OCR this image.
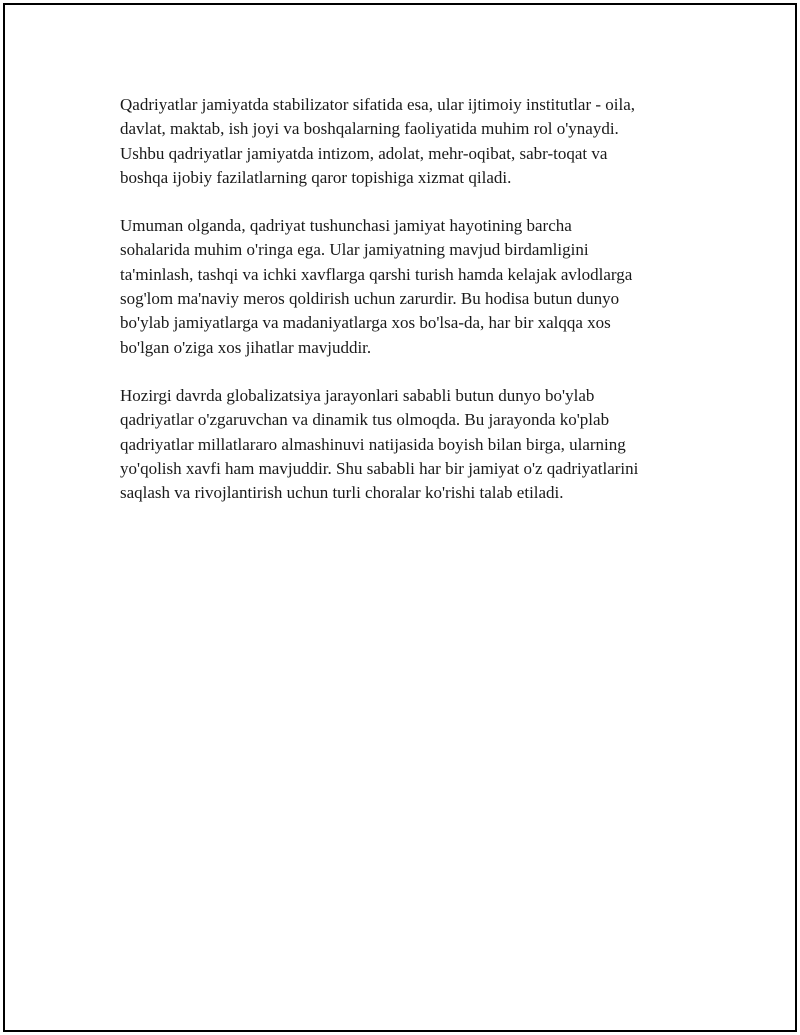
Qadriyatlar jamiyatda stabilizator sifatida esa, ular ijtimoiy institutlar - oila,
davlat, maktab, ish joyi va boshqalarning faoliyatida muhim rol o'ynaydi.
Ushbu qadriyatlar jamiyatda intizom, adolat, mehr-oqibat, sabr-toqat va
boshqa ijobiy fazilatlarning qaror topishiga xizmat qiladi.

Umuman olganda, qadriyat tushunchasi jamiyat hayotining barcha
sohalarida muhim o'ringa ega. Ular jamiyatning mavjud birdamligini
ta'minlash, tashqi va ichki xavflarga qarshi turish hamda kelajak avlodlarga
sog'lom ma'naviy meros qoldirish uchun zarurdir. Bu hodisa butun dunyo
bo'ylab jamiyatlarga va madaniyatlarga xos bo'lsa-da, har bir xalqqa xos
bo'lgan o'ziga xos jihatlar mavjuddir.

Hozirgi davrda globalizatsiya jarayonlari sababli butun dunyo bo'ylab
qadriyatlar o'zgaruvchan va dinamik tus olmoqda. Bu jarayonda ko'plab
qadriyatlar millatlararo almashinuvi natijasida boyish bilan birga, ularning
yo'qolish xavfi ham mavjuddir. Shu sababli har bir jamiyat o'z qadriyatlarini
saqlash va rivojlantirish uchun turli choralar ko'rishi talab etiladi.
